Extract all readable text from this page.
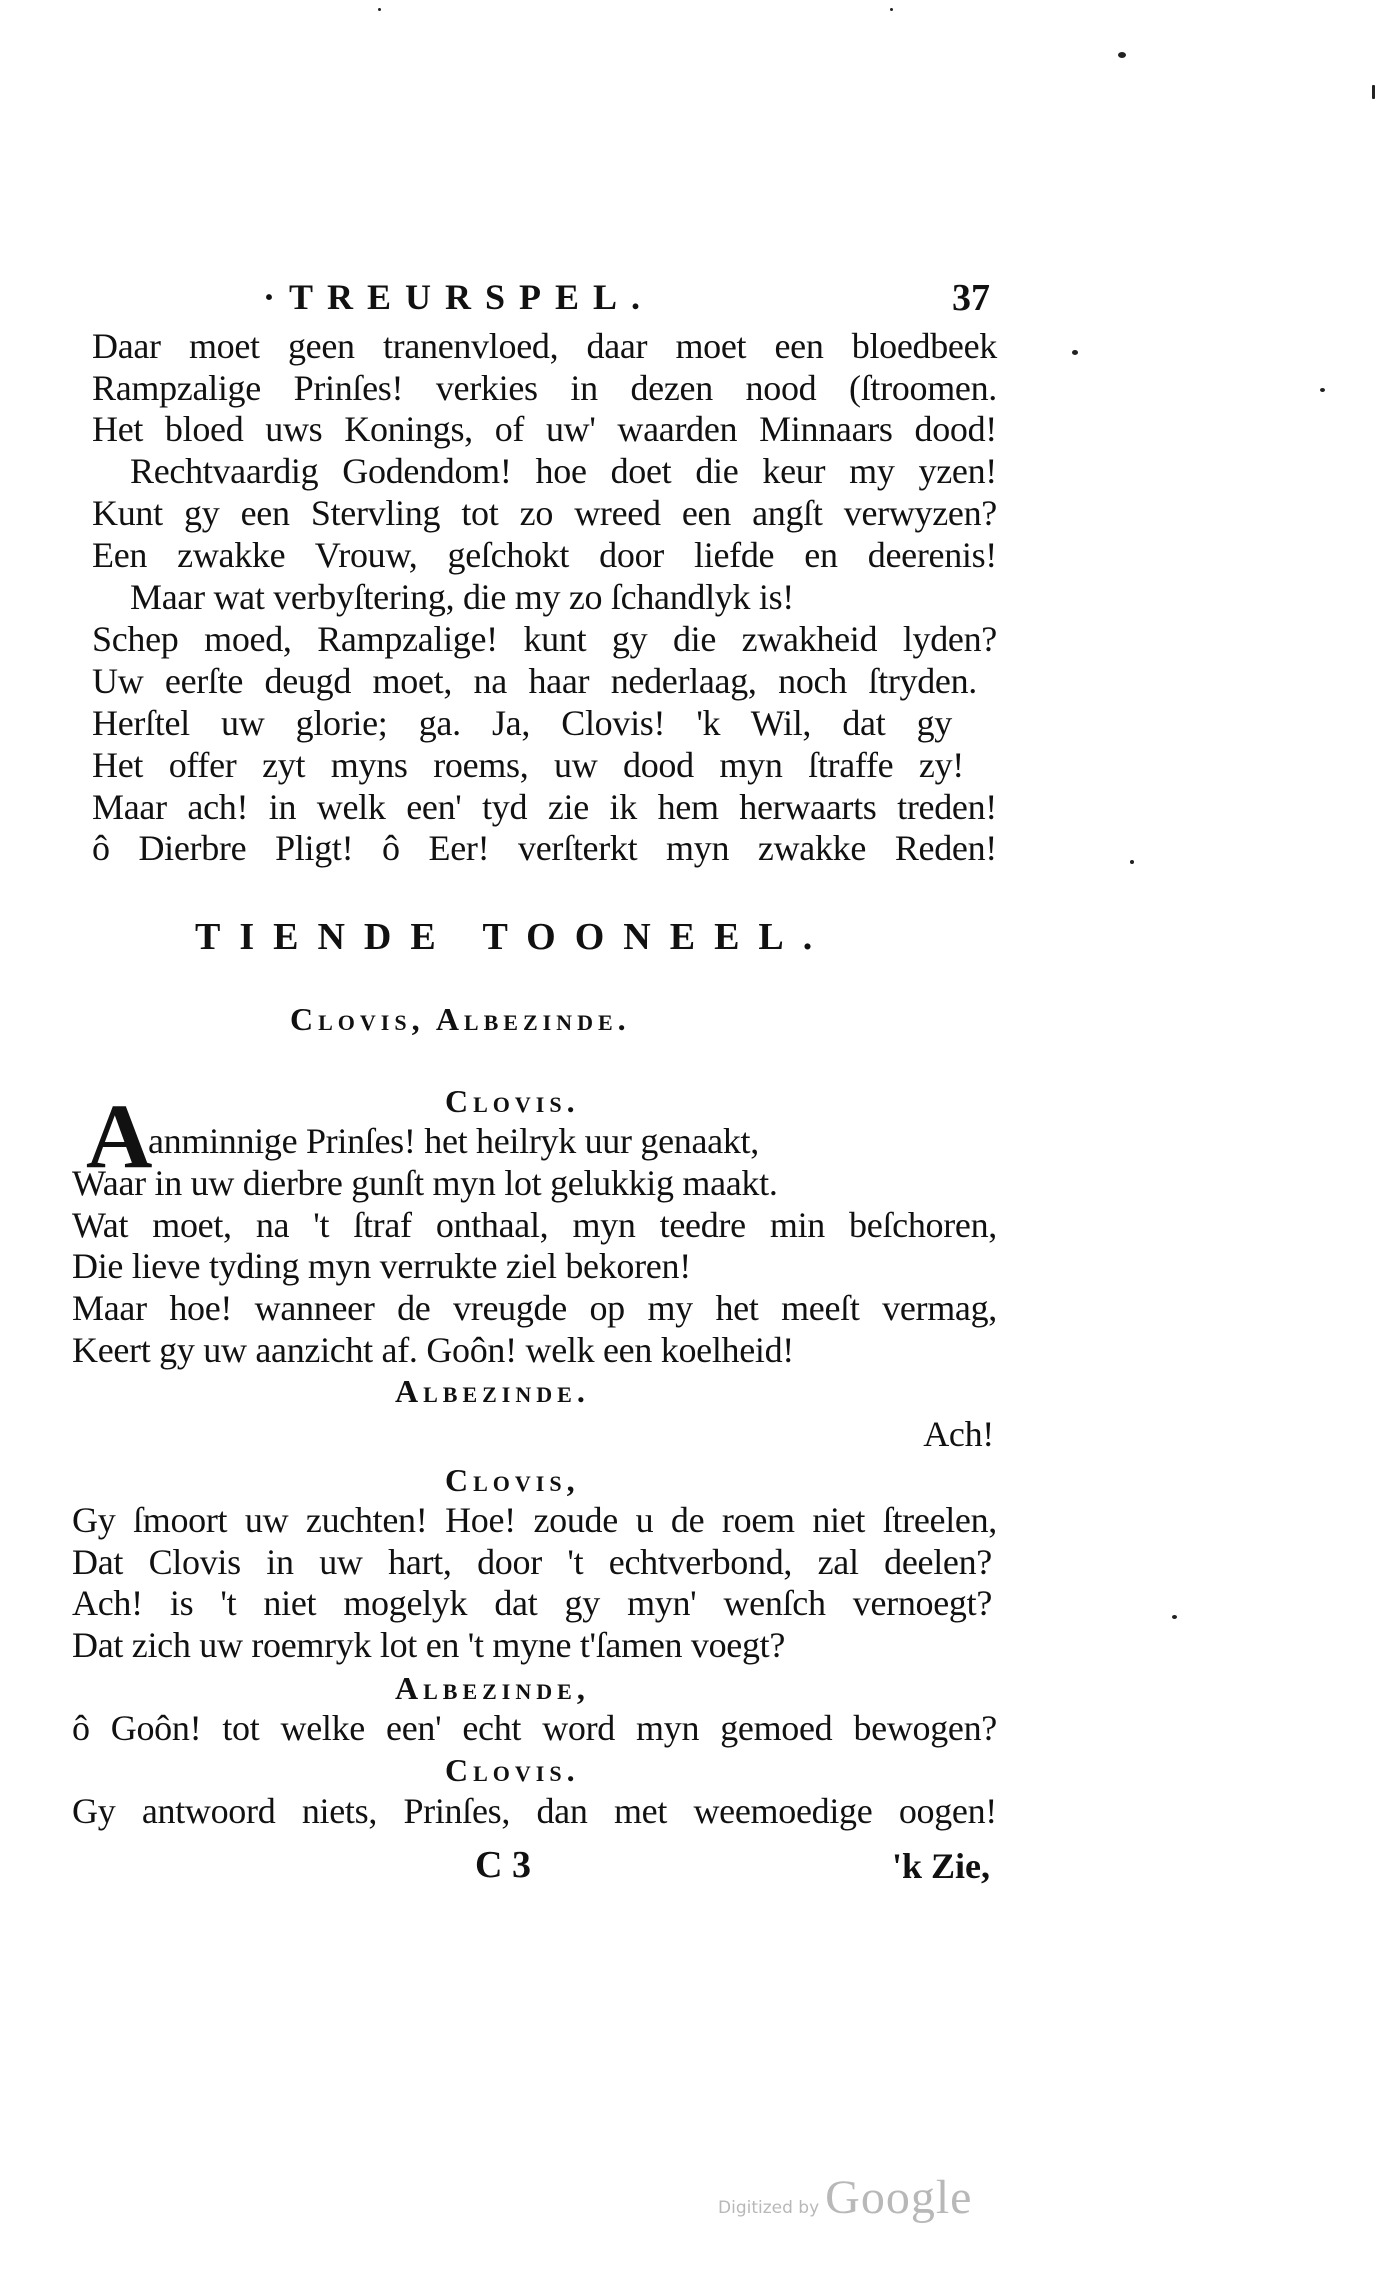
·TREURSPEL.	37
Daar moet geen tranenvloed, daar moet een bloedbeek
Rampzalige Prinſes! verkies in dezen nood (ſtroomen.
Het bloed uws Konings, of uw' waarden Minnaars dood!
Rechtvaardig Godendom! hoe doet die keur my yzen!
Kunt gy een Stervling tot zo wreed een angſt verwyzen?
Een zwakke Vrouw, geſchokt door liefde en deerenis!
Maar wat verbyſtering, die my zo ſchandlyk is!
Schep moed, Rampzalige! kunt gy die zwakheid lyden?
Uw eerſte deugd moet, na haar nederlaag, noch ſtryden.
Herſtel uw glorie; ga. Ja, Clovis! 'k Wil, dat gy
Het offer zyt myns roems, uw dood myn ſtraffe zy!
Maar ach! in welk een' tyd zie ik hem herwaarts treden!
ô Dierbre Pligt! ô Eer! verſterkt myn zwakke Reden!
TIENDE TOONEEL.
Clovis, Albezinde.
Clovis.
A
anminnige Prinſes! het heilryk uur genaakt,
Waar in uw dierbre gunſt myn lot gelukkig maakt.
Wat moet, na 't ſtraf onthaal, myn teedre min beſchoren,
Die lieve tyding myn verrukte ziel bekoren!
Maar hoe! wanneer de vreugde op my het meeſt vermag,
Keert gy uw aanzicht af. Goôn! welk een koelheid!
Albezinde.
Ach!
Clovis,
Gy ſmoort uw zuchten! Hoe! zoude u de roem niet ſtreelen,
Dat Clovis in uw hart, door 't echtverbond, zal deelen?
Ach! is 't niet mogelyk dat gy myn' wenſch vernoegt?
Dat zich uw roemryk lot en 't myne t'ſamen voegt?
Albezinde,
ô Goôn! tot welke een' echt word myn gemoed bewogen?
Clovis.
Gy antwoord niets, Prinſes, dan met weemoedige oogen!
C 3	'k Zie,
Digitized by Google
